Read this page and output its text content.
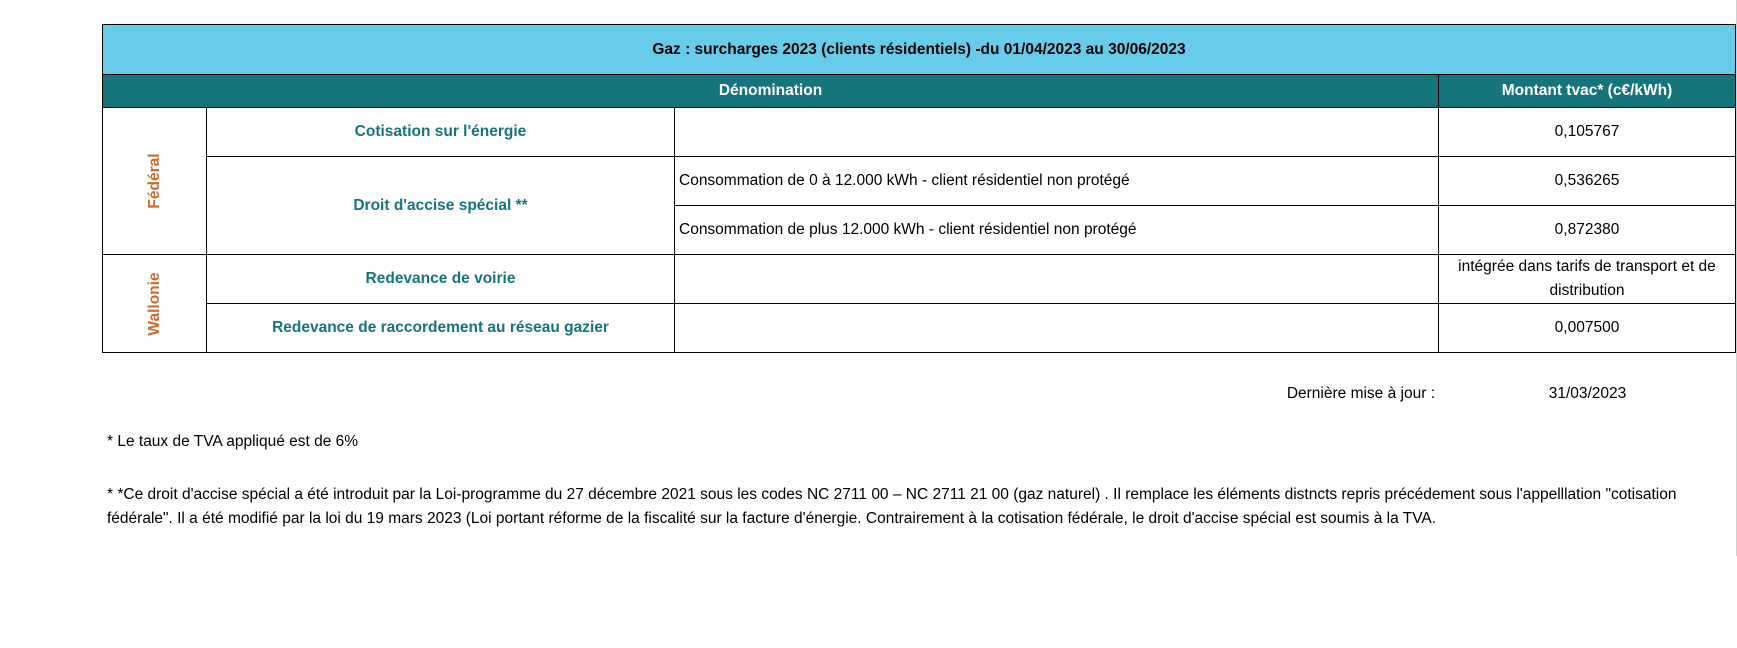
Gaz : surcharges 2023 (clients résidentiels) -du 01/04/2023 au 30/06/2023			
Dénomination			Montant tvac* (c€/kWh)

Fédéral	Cotisation sur l'énergie		0,105767
	Droit d'accise spécial **	Consommation de 0 à 12.000 kWh - client résidentiel non protégé	0,536265
		Consommation de plus 12.000 kWh - client résidentiel non protégé	0,872380

Wallonie	Redevance de voirie		intégrée dans tarifs de transport et de distribution
	Redevance de raccordement au réseau gazier		0,007500
Dernière mise à jour :	31/03/2023
* Le taux de TVA appliqué est de 6%
* *Ce droit d'accise spécial a été introduit par la Loi-programme du 27 décembre 2021 sous les codes NC 2711 00 – NC 2711 21 00 (gaz naturel) . Il remplace les éléments distncts repris précédement sous l'appelllation "cotisation fédérale". Il a été modifié par la loi du 19 mars 2023 (Loi portant réforme de la fiscalité sur la facture d'énergie. Contrairement à la cotisation fédérale, le droit d'accise spécial est soumis à la TVA.
